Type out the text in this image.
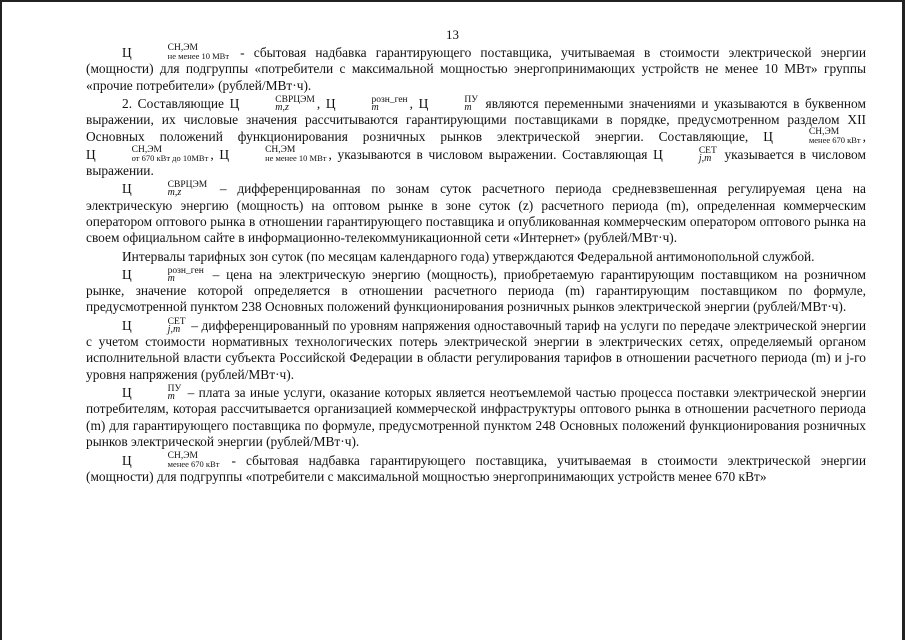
13

Ц	СН,ЭМ
не менее 10 МВт - сбытовая надбавка гарантирующего поставщика, учитываемая в стоимости электрической энергии (мощности) для подгруппы «потребители с максимальной мощностью энергопринимающих устройств не менее 10 МВт» группы «прочие потребители» (рублей/МВт·ч).

2. Составляющие Ц	СВРЦЭМ
m,z	, Ц	розн_ген
m	, Ц	ПУ
m являются переменными значениями и указываются в буквенном выражении, их числовые значения рассчитываются гарантирующими поставщиками в порядке, предусмотренном разделом XII Основных положений функционирования розничных рынков электрической энергии. Составляющие, Ц	СН,ЭМ
менее 670 кВт , Ц	СН,ЭМ
от 670 кВт до 10МВт , Ц	СН,ЭМ
не менее 10 МВт , указываются в числовом выражении. Составляющая Ц	СЕТ
j,m указывается в числовом выражении.

Ц	СВРЦЭМ
m,z	– дифференцированная по зонам суток расчетного периода средневзвешенная регулируемая цена на электрическую энергию (мощность) на оптовом рынке в зоне суток (z) расчетного периода (m), определенная коммерческим оператором оптового рынка в отношении гарантирующего поставщика и опубликованная коммерческим оператором оптового рынка на своем официальном сайте в информационно-телекоммуникационной сети «Интернет» (рублей/МВт·ч).

Интервалы тарифных зон суток (по месяцам календарного года) утверждаются Федеральной антимонопольной службой.

Ц	розн_ген
m	– цена на электрическую энергию (мощность), приобретаемую гарантирующим поставщиком на розничном рынке, значение которой определяется в отношении расчетного периода (m) гарантирующим поставщиком по формуле, предусмотренной пунктом 238 Основных положений функционирования розничных рынков электрической энергии (рублей/МВт·ч).

Ц	СЕТ
j,m – дифференцированный по уровням напряжения одноставочный тариф на услуги по передаче электрической энергии с учетом стоимости нормативных технологических потерь электрической энергии в электрических сетях, определяемый органом исполнительной власти субъекта Российской Федерации в области регулирования тарифов в отношении расчетного периода (m) и j-го уровня напряжения (рублей/МВт·ч).

Ц	ПУ
m – плата за иные услуги, оказание которых является неотъемлемой частью процесса поставки электрической энергии потребителям, которая рассчитывается организацией коммерческой инфраструктуры оптового рынка в отношении расчетного периода (m) для гарантирующего поставщика по формуле, предусмотренной пунктом 248 Основных положений функционирования розничных рынков электрической энергии (рублей/МВт·ч).

Ц	СН,ЭМ
менее 670 кВт - сбытовая надбавка гарантирующего поставщика, учитываемая в стоимости электрической энергии (мощности) для подгруппы «потребители с максимальной мощностью энергопринимающих устройств менее 670 кВт»
